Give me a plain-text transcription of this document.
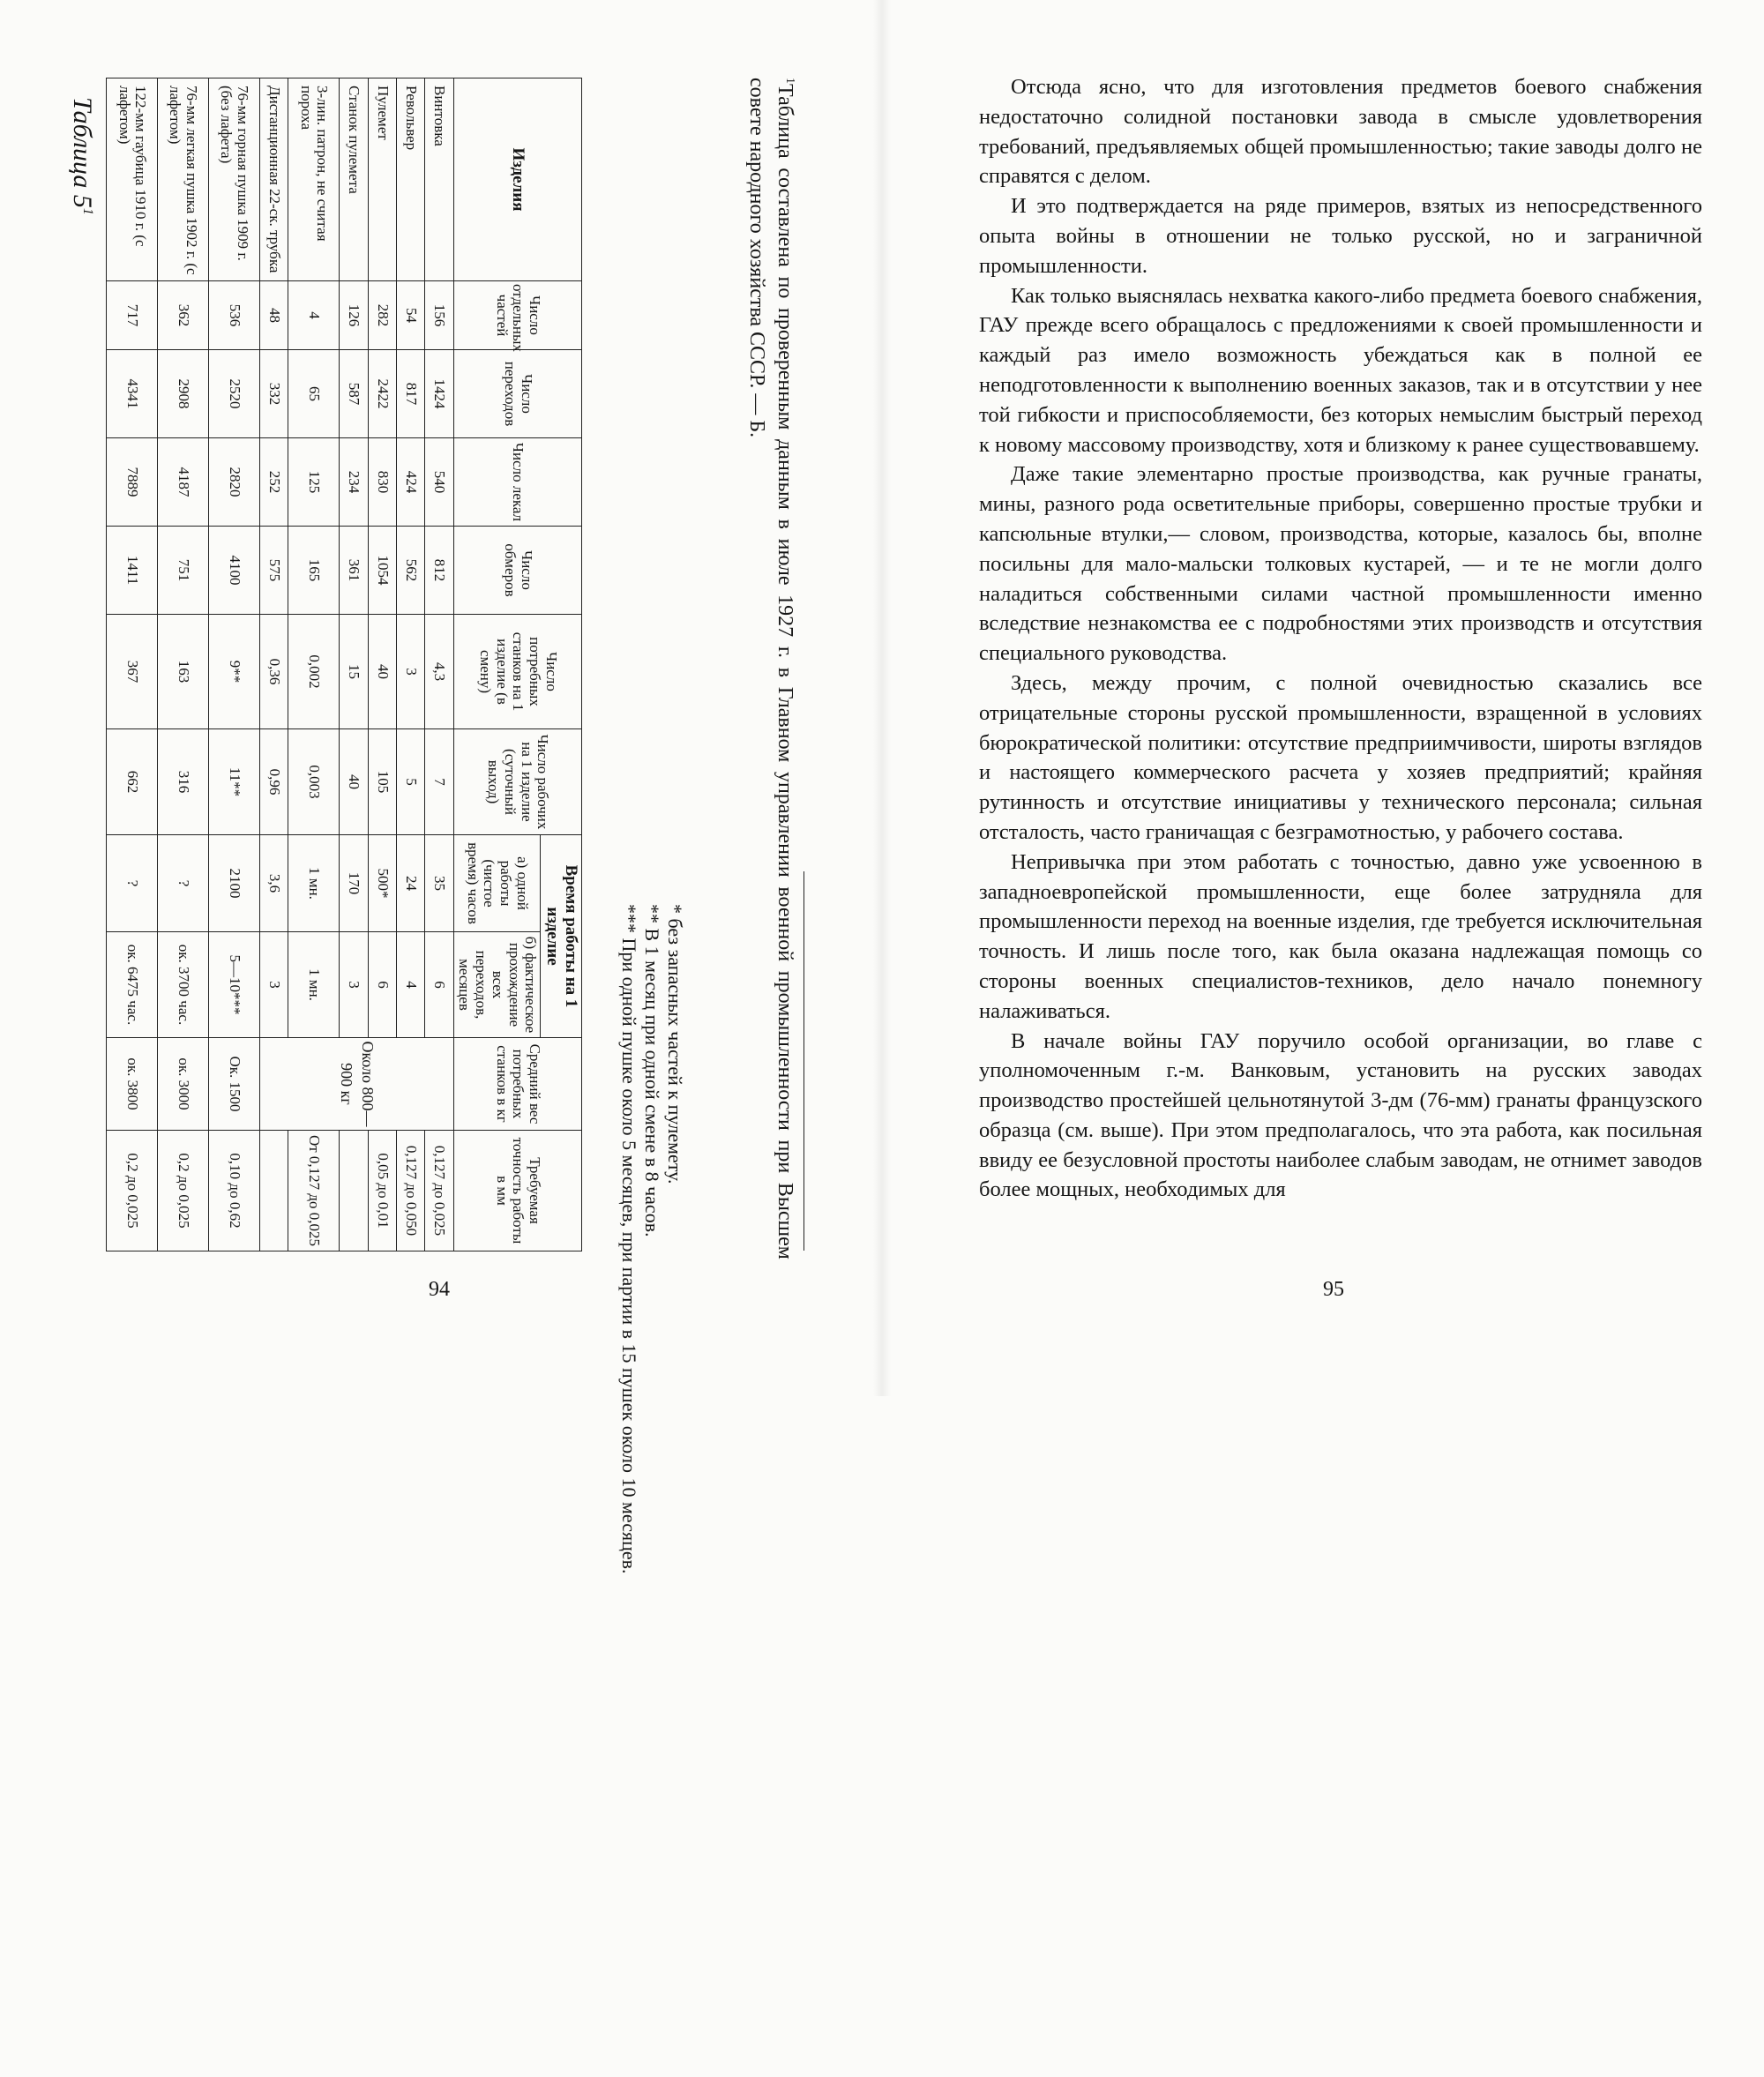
Таблица $5^1$
Изделия	Число отдельных частей	Число переходов	Число лекал	Число обмеров	Число потребных станков на 1 изделие (в смену)	Число рабочих на 1 изделие (суточный выход)	Время работы на 1 изделие		Средний вес потребных станков в кг	Требуемая точность работы в мм
							а) одной работы (чистое время) часов	б) фактическое прохождение всех переходов, месяцев		
Винтовка	156	1424	540	812	4,3	7	35	6	Около 800—900 кг	0,127 до 0,025
Револьвер	54	817	424	562	3	5	24	4		0,127 до 0,050
Пулемет	282	2422	830	1054	40	105	500*	6		0,05 до 0,01
Станок пулемета	126	587	234	361	15	40	170	3		
3-лин. патрон, не считая пороха	4	65	125	165	0,002	0,003	1 мн.	1 мн.		От 0,127 до 0,025
Дистанционная 22-ск. трубка	48	332	252	575	0,36	0,96	3,6	3		
76-мм горная пушка 1909 г. (без лафета)	536	2520	2820	4100	9**	11**	2100	5—10***	Ок. 1500	0,10 до 0,62
76-мм легкая пушка 1902 г. (с лафетом)	362	2908	4187	751	163	316	?	ок. 3700 час.	ок. 3000	0,2 до 0,025
122-мм гаубица 1910 г. (с лафетом)	717	4341	7889	1411	367	662	?	ок. 6475 час.	ок. 3800	0,2 до 0,025

* без запасных частей к пулемету.

** В 1 месяц при одной смене в 8 часов.

*** При одной пушке около 5 месяцев, при партии в 15 пушек около 10 месяцев.

$^1$Таблица составлена по проверенным данным в июле 1927 г. в Главном управлении военной промышленности при Высшем совете народного хозяйства СССР. — Б.
94

Отсюда ясно, что для изготовления предметов боевого снабжения недостаточно солидной постановки завода в смысле удовлетворения требований, предъявляемых общей промышленностью; такие заводы долго не справятся с делом.

И это подтверждается на ряде примеров, взятых из непосредственного опыта войны в отношении не только русской, но и заграничной промышленности.

Как только выяснялась нехватка какого-либо предмета боевого снабжения, ГАУ прежде всего обращалось с предложениями к своей промышленности и каждый раз имело возможность убеждаться как в полной ее неподготовленности к выполнению военных заказов, так и в отсутствии у нее той гибкости и приспособляемости, без которых немыслим быстрый переход к новому массовому производству, хотя и близкому к ранее существовавшему.

Даже такие элементарно простые производства, как ручные гранаты, мины, разного рода осветительные приборы, совершенно простые трубки и капсюльные втулки,— словом, производства, которые, казалось бы, вполне посильны для мало-мальски толковых кустарей, — и те не могли долго наладиться собственными силами частной промышленности именно вследствие незнакомства ее с подробностями этих производств и отсутствия специального руководства.

Здесь, между прочим, с полной очевидностью сказались все отрицательные стороны русской промышленности, взращенной в условиях бюрократической политики: отсутствие предприимчивости, широты взглядов и настоящего коммерческого расчета у хозяев предприятий; крайняя рутинность и отсутствие инициативы у технического персонала; сильная отсталость, часто граничащая с безграмотностью, у рабочего состава.

Непривычка при этом работать с точностью, давно уже усвоенною в западноевропейской промышленности, еще более затрудняла для промышленности переход на военные изделия, где требуется исключительная точность. И лишь после того, как была оказана надлежащая помощь со стороны военных специалистов-техников, дело начало понемногу налаживаться.

В начале войны ГАУ поручило особой организации, во главе с уполномоченным г.-м. Ванковым, установить на русских заводах производство простейшей цельнотянутой 3-дм (76-мм) гранаты французского образца (см. выше). При этом предполагалось, что эта работа, как посильная ввиду ее безусловной простоты наиболее слабым заводам, не отнимет заводов более мощных, необходимых для

95
